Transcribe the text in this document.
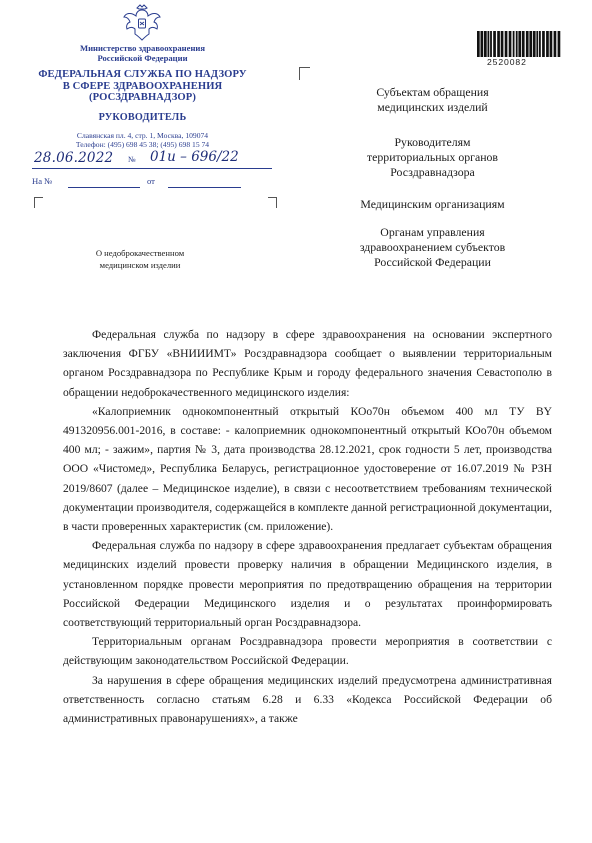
Министерство здравоохранения
Российской Федерации
ФЕДЕРАЛЬНАЯ СЛУЖБА ПО НАДЗОРУ
В СФЕРЕ ЗДРАВООХРАНЕНИЯ
(РОСЗДРАВНАДЗОР)
РУКОВОДИТЕЛЬ
Славянская пл. 4, стр. 1, Москва, 109074
Телефон: (495) 698 45 38; (495) 698 15 74
28.06.2022 № 01и – 696/22
На №	от
О недоброкачественном
медицинском изделии
2520082
Субъектам обращения
медицинских изделий
Руководителям
территориальных органов
Росздравнадзора
Медицинским организациям
Органам управления
здравоохранением субъектов
Российской Федерации

Федеральная служба по надзору в сфере здравоохранения на основании экспертного заключения ФГБУ «ВНИИИМТ» Росздравнадзора сообщает о выявлении территориальным органом Росздравнадзора по Республике Крым и городу федерального значения Севастополю в обращении недоброкачественного медицинского изделия:

«Калоприемник однокомпонентный открытый КОо70н объемом 400 мл ТУ BY 491320956.001-2016, в составе: - калоприемник однокомпонентный открытый КОо70н объемом 400 мл; - зажим», партия № 3, дата производства 28.12.2021, срок годности 5 лет, производства ООО «Чистомед», Республика Беларусь, регистрационное удостоверение от 16.07.2019 № РЗН 2019/8607 (далее – Медицинское изделие), в связи с несоответствием требованиям технической документации производителя, содержащейся в комплекте данной регистрационной документации, в части проверенных характеристик (см. приложение).

Федеральная служба по надзору в сфере здравоохранения предлагает субъектам обращения медицинских изделий провести проверку наличия в обращении Медицинского изделия, в установленном порядке провести мероприятия по предотвращению обращения на территории Российской Федерации Медицинского изделия и о результатах проинформировать соответствующий территориальный орган Росздравнадзора.

Территориальным органам Росздравнадзора провести мероприятия в соответствии с действующим законодательством Российской Федерации.

За нарушения в сфере обращения медицинских изделий предусмотрена административная ответственность согласно статьям 6.28 и 6.33 «Кодекса Российской Федерации об административных правонарушениях», а также
